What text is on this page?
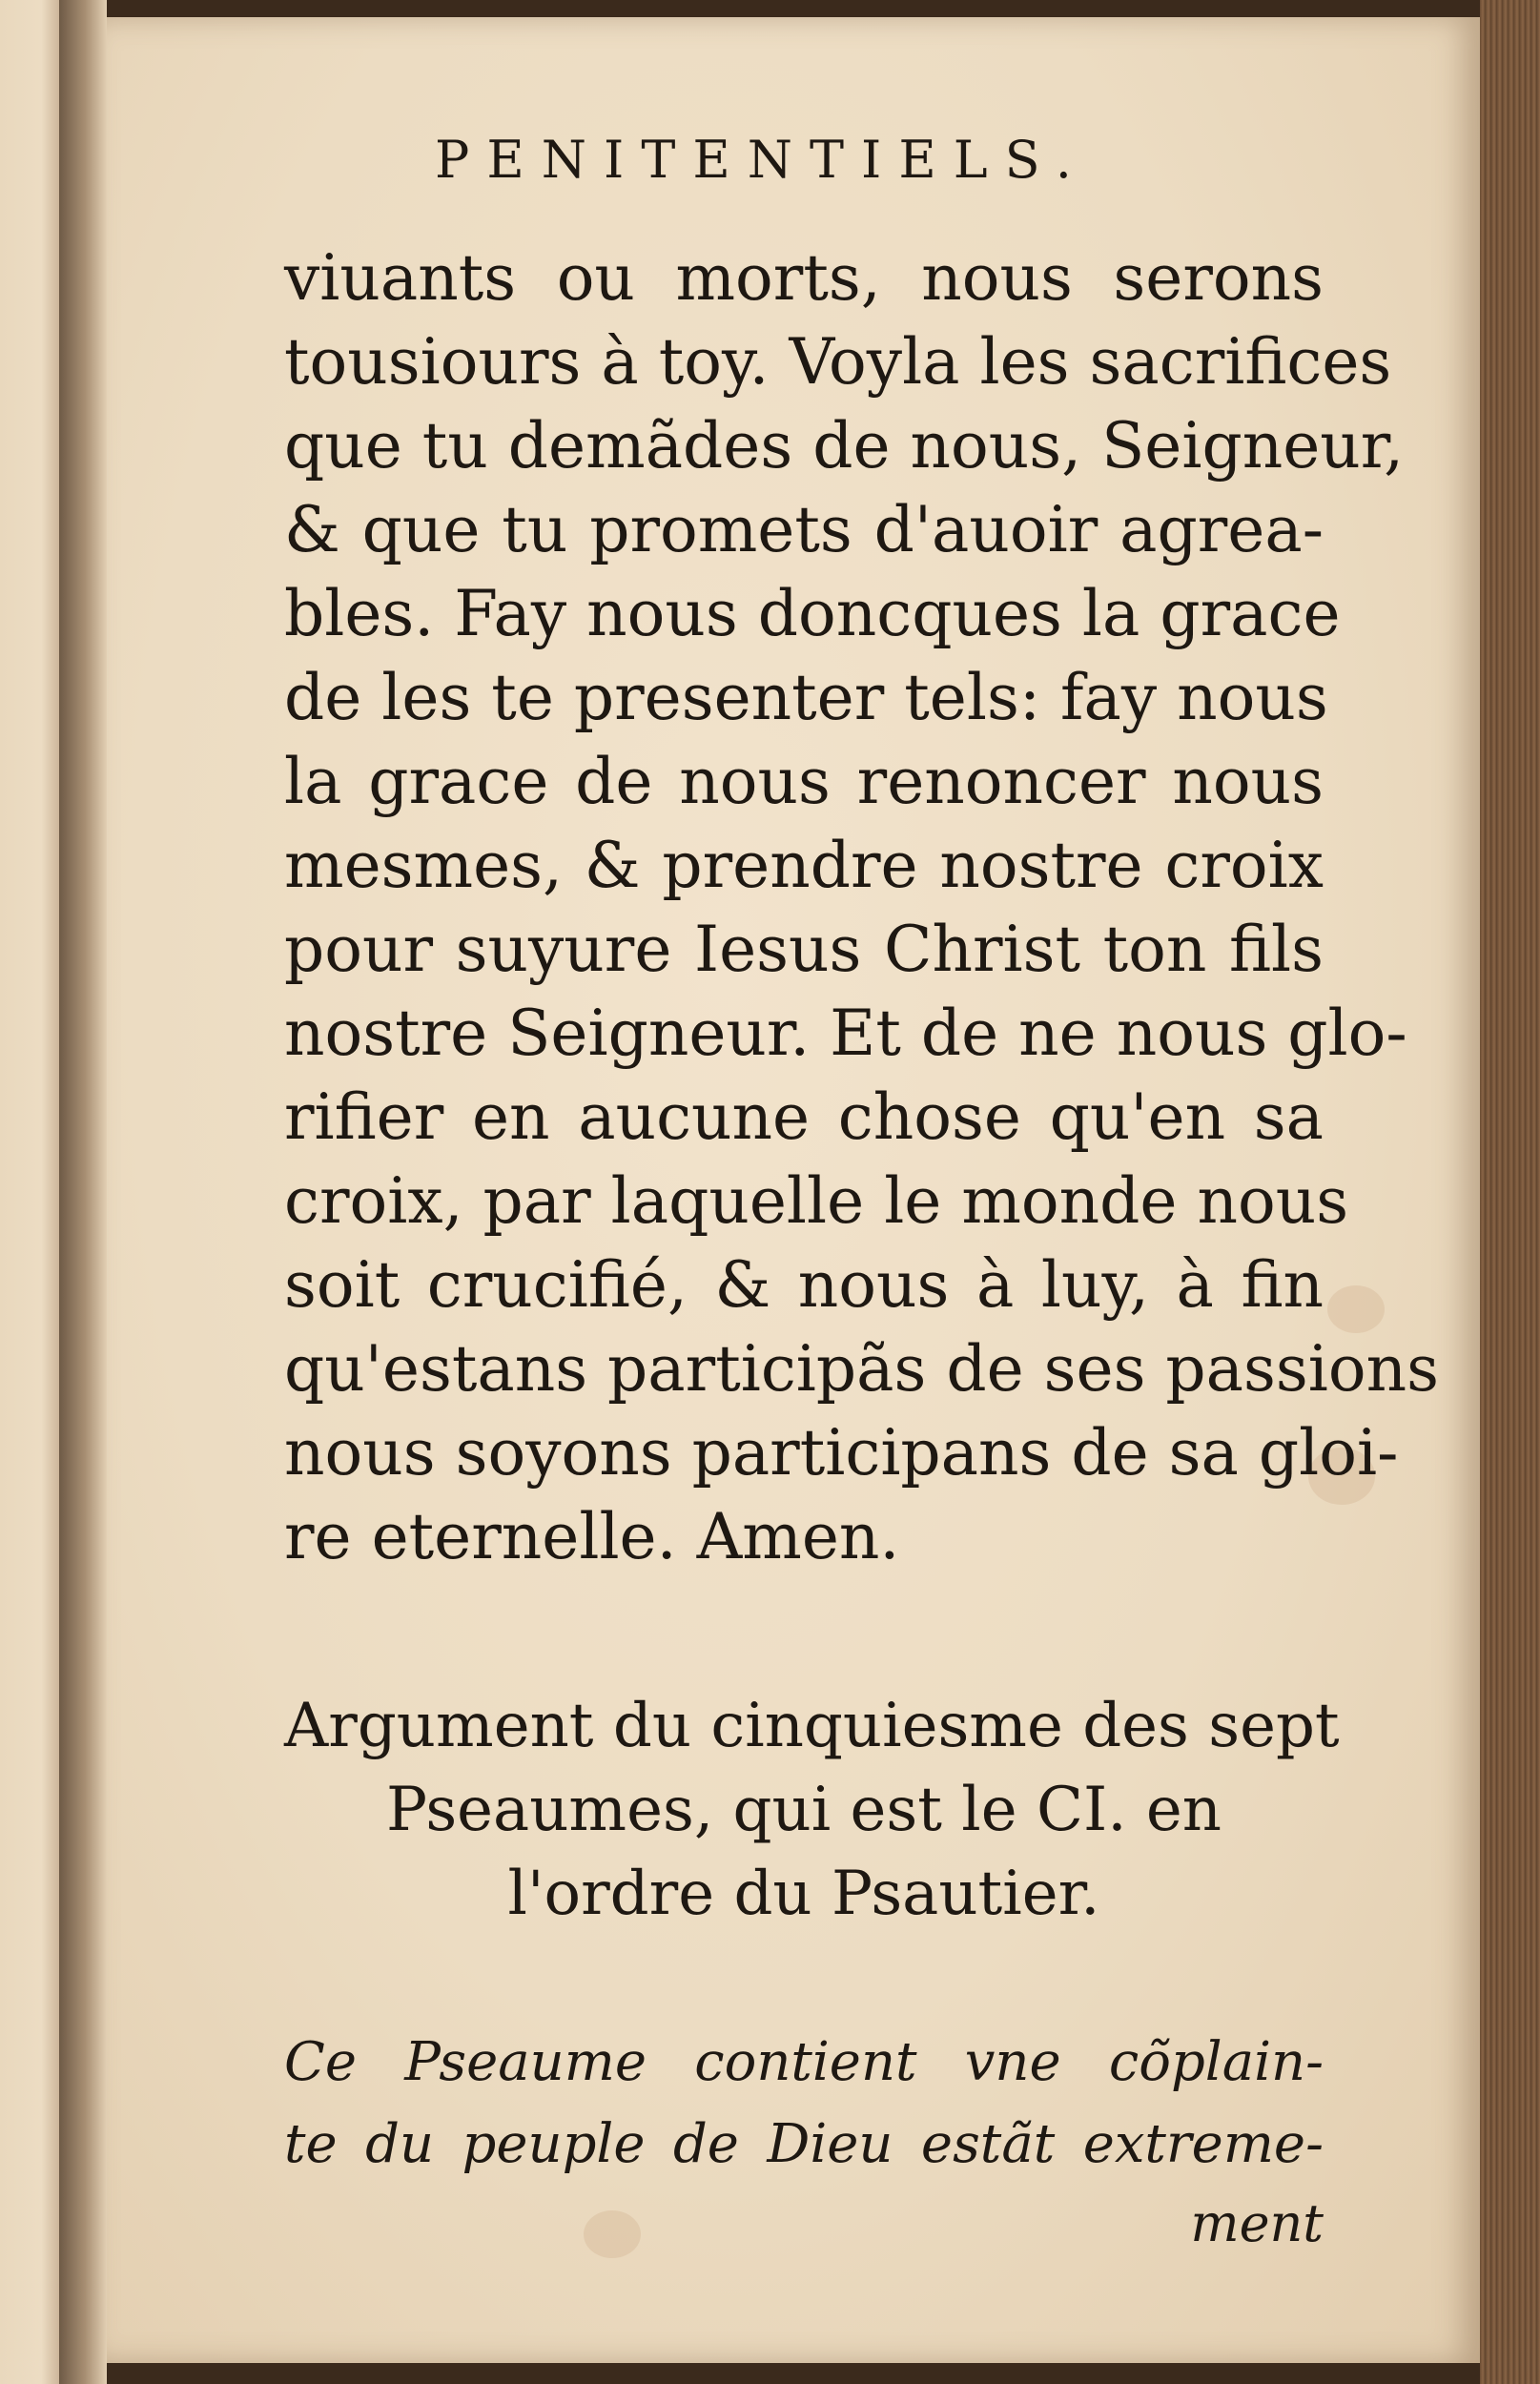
PENITENTIELS.
viuants ou morts, nous serons
tousiours à toy. Voyla les sacrifices
que tu demãdes de nous, Seigneur,
& que tu promets d'auoir agrea-
bles. Fay nous doncques la grace
de les te presenter tels: fay nous
la grace de nous renoncer nous
mesmes, & prendre nostre croix
pour suyure Iesus Christ ton fils
nostre Seigneur. Et de ne nous glo-
rifier en aucune chose qu'en sa
croix, par laquelle le monde nous
soit crucifié, & nous à luy, à fin
qu'estans participãs de ses passions
nous soyons participans de sa gloi-
re eternelle. Amen.
Argument du cinquiesme des sept
Pseaumes, qui est le CI. en
l'ordre du Psautier.
Ce Pseaume contient vne cõplain-
te du peuple de Dieu estãt extreme-
ment
